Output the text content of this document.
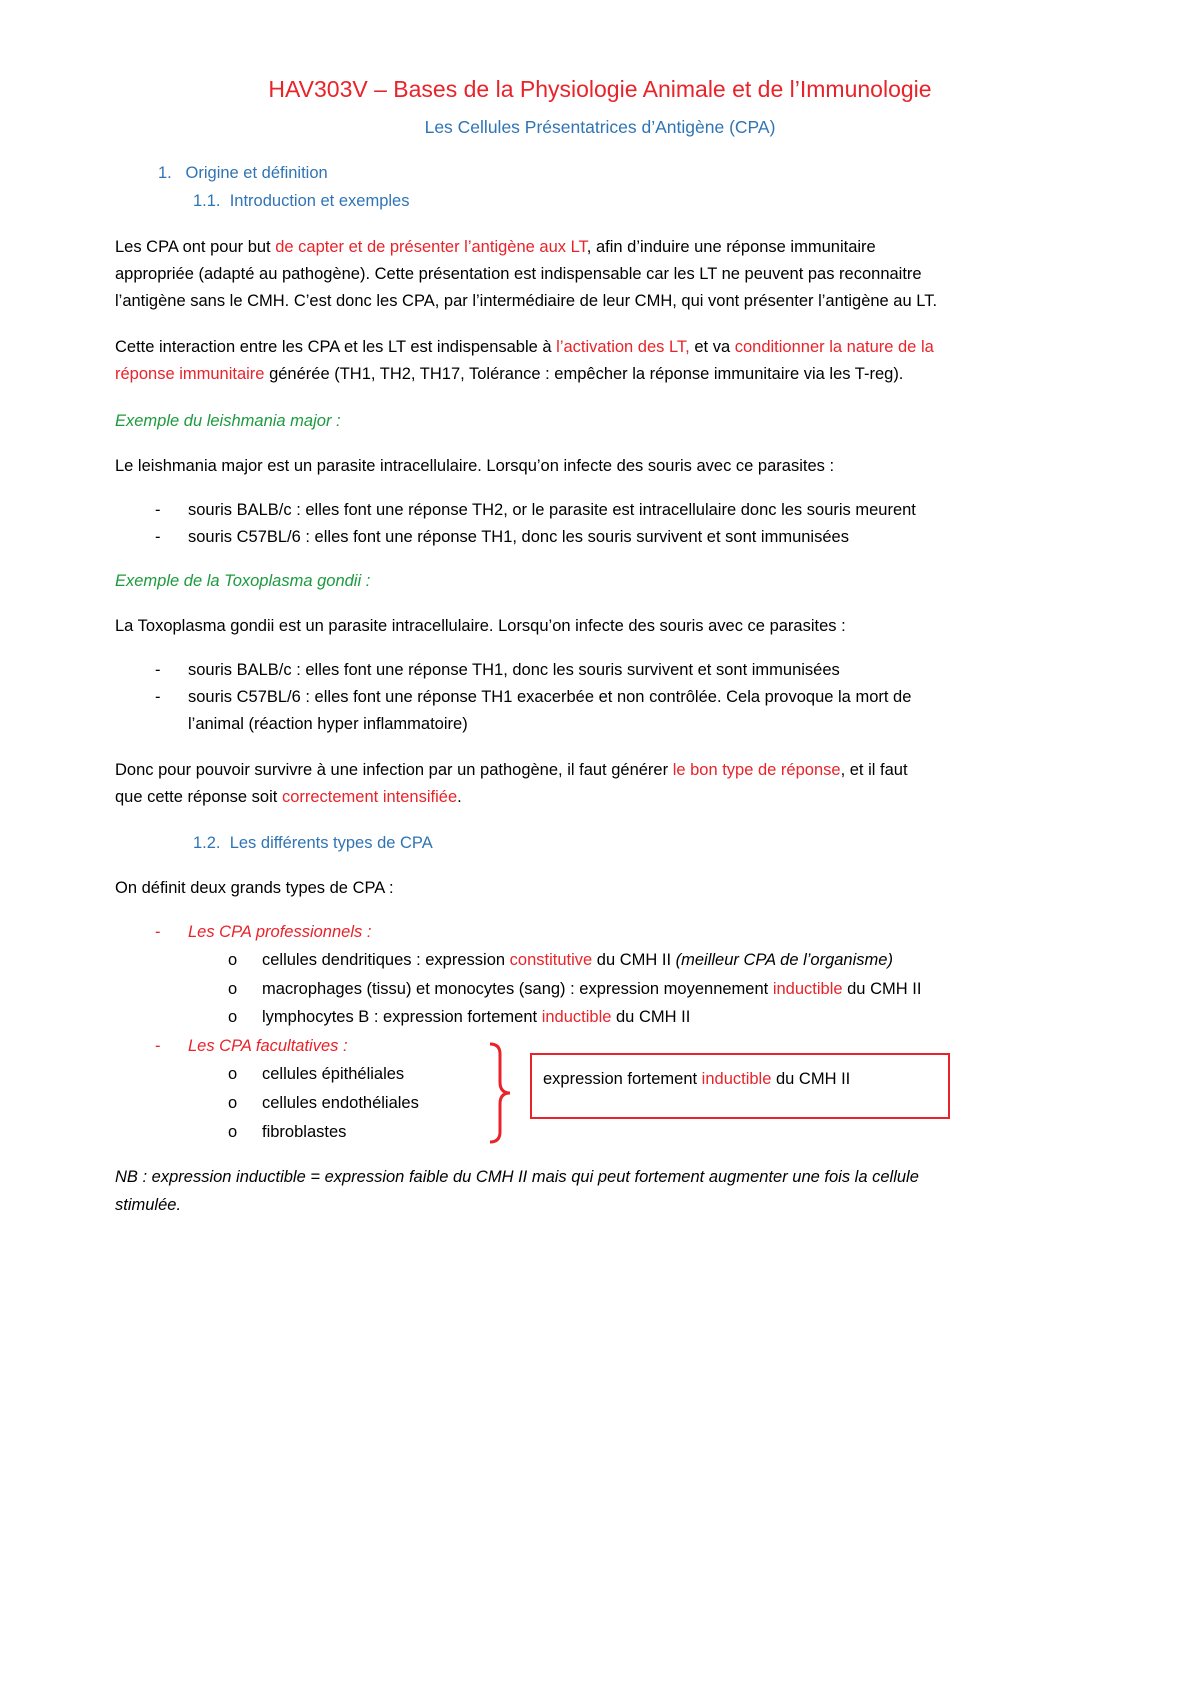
HAV303V – Bases de la Physiologie Animale et de l’Immunologie
Les Cellules Présentatrices d’Antigène (CPA)
1. Origine et définition
1.1. Introduction et exemples
Les CPA ont pour but de capter et de présenter l’antigène aux LT, afin d’induire une réponse immunitaire
appropriée (adapté au pathogène). Cette présentation est indispensable car les LT ne peuvent pas reconnaitre
l’antigène sans le CMH. C’est donc les CPA, par l’intermédiaire de leur CMH, qui vont présenter l’antigène au LT.
Cette interaction entre les CPA et les LT est indispensable à l’activation des LT, et va conditionner la nature de la
réponse immunitaire générée (TH1, TH2, TH17, Tolérance : empêcher la réponse immunitaire via les T-reg).
Exemple du leishmania major :
Le leishmania major est un parasite intracellulaire. Lorsqu’on infecte des souris avec ce parasites :
- souris BALB/c : elles font une réponse TH2, or le parasite est intracellulaire donc les souris meurent
- souris C57BL/6 : elles font une réponse TH1, donc les souris survivent et sont immunisées
Exemple de la Toxoplasma gondii :
La Toxoplasma gondii est un parasite intracellulaire. Lorsqu’on infecte des souris avec ce parasites :
- souris BALB/c : elles font une réponse TH1, donc les souris survivent et sont immunisées
- souris C57BL/6 : elles font une réponse TH1 exacerbée et non contrôlée. Cela provoque la mort de
l’animal (réaction hyper inflammatoire)
Donc pour pouvoir survivre à une infection par un pathogène, il faut générer le bon type de réponse, et il faut
que cette réponse soit correctement intensifiée.
1.2. Les différents types de CPA
On définit deux grands types de CPA :
- Les CPA professionnels :
o cellules dendritiques : expression constitutive du CMH II (meilleur CPA de l’organisme)
o macrophages (tissu) et monocytes (sang) : expression moyennement inductible du CMH II
o lymphocytes B : expression fortement inductible du CMH II
- Les CPA facultatives :
o cellules épithéliales
o cellules endothéliales
o fibroblastes
expression fortement inductible du CMH II
NB : expression inductible = expression faible du CMH II mais qui peut fortement augmenter une fois la cellule
stimulée.
